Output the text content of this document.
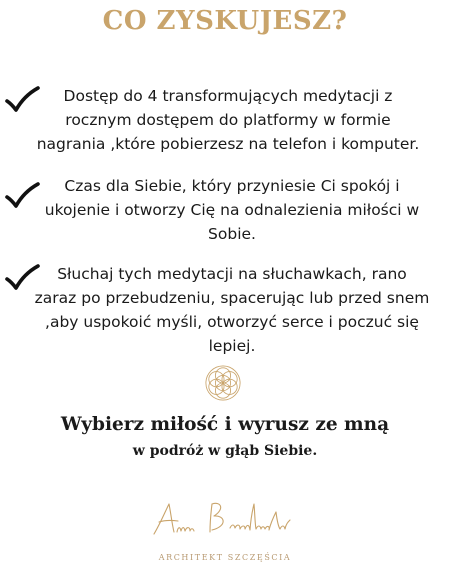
CO ZYSKUJESZ?
Dostęp do 4 transformujących medytacji z
rocznym dostępem do platformy w formie
nagrania ,które pobierzesz na telefon i komputer.
Czas dla Siebie, który przyniesie Ci spokój i
ukojenie i otworzy Cię na odnalezienia miłości w
Sobie.
Słuchaj tych medytacji na słuchawkach, rano
zaraz po przebudzeniu, spacerując lub przed snem
,aby uspokoić myśli, otworzyć serce i poczuć się
lepiej.
Wybierz miłość i wyrusz ze mną
w podróż w głąb Siebie.
ARCHITEKT SZCZĘŚCIA
